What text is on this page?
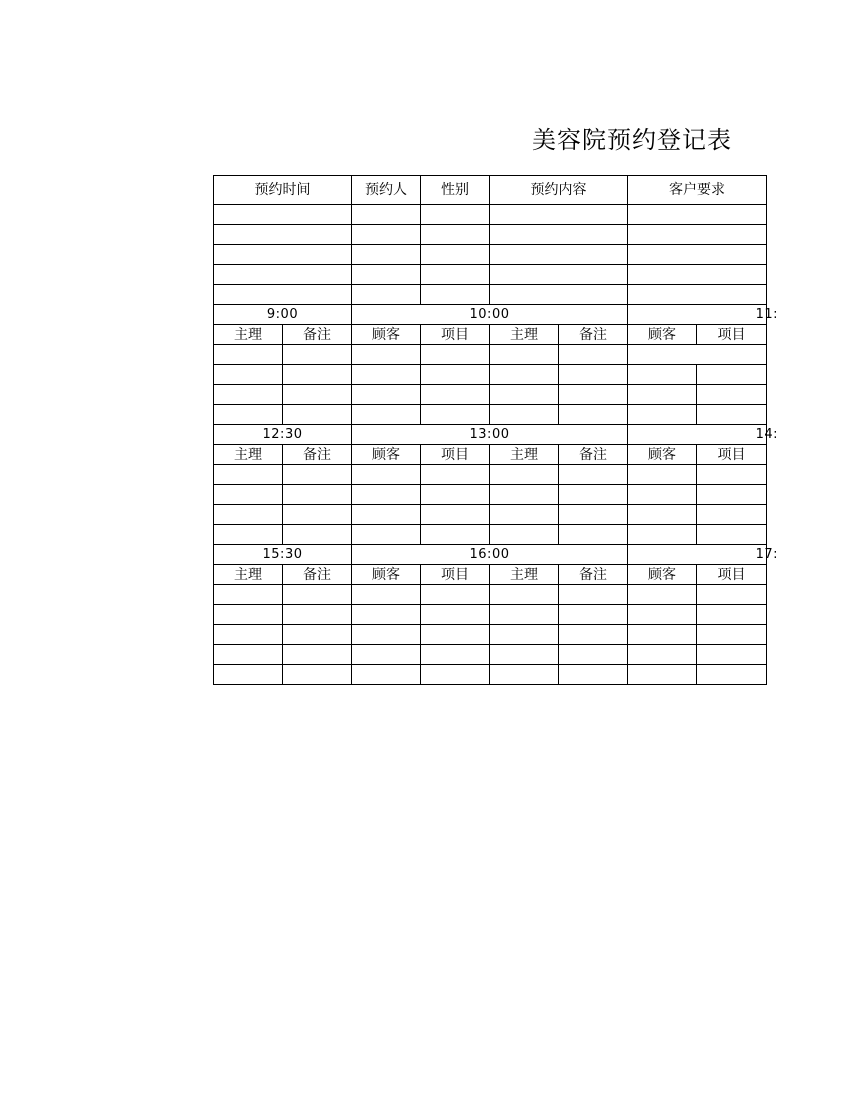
美容院预约登记表
预约时间		预约人	性别	预约内容		客户要求	

9:00		10:00				11:	
主理	备注	顾客	项目	主理	备注	顾客	项目

12:30		13:00				14:	
主理	备注	顾客	项目	主理	备注	顾客	项目

15:30		16:00				17:	
主理	备注	顾客	项目	主理	备注	顾客	项目
